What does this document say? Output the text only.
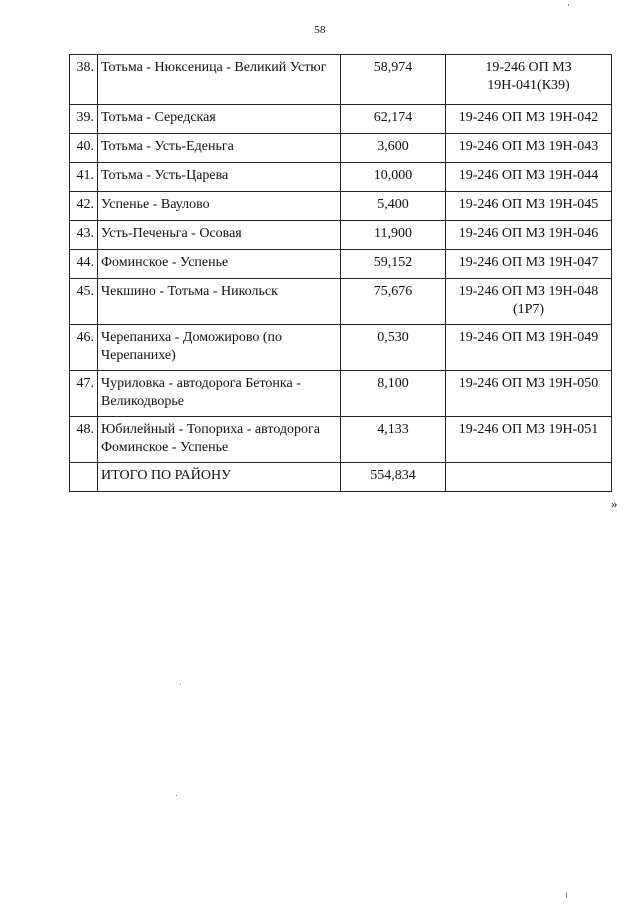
58
38.	Тотьма - Нюксеница - Великий Устюг	58,974	19-246 ОП МЗ 19Н-041(К39)
39.	Тотьма - Середская	62,174	19-246 ОП МЗ 19Н-042
40.	Тотьма - Усть-Еденьга	3,600	19-246 ОП МЗ 19Н-043
41.	Тотьма - Усть-Царева	10,000	19-246 ОП МЗ 19Н-044
42.	Успенье - Ваулово	5,400	19-246 ОП МЗ 19Н-045
43.	Усть-Печеньга - Осовая	11,900	19-246 ОП МЗ 19Н-046
44.	Фоминское - Успенье	59,152	19-246 ОП МЗ 19Н-047
45.	Чекшино - Тотьма - Никольск	75,676	19-246 ОП МЗ 19Н-048 (1Р7)
46.	Черепаниха - Доможирово (по Черепанихе)	0,530	19-246 ОП МЗ 19Н-049
47.	Чуриловка - автодорога Бетонка - Великодворье	8,100	19-246 ОП МЗ 19Н-050
48.	Юбилейный - Топориха - автодорога Фоминское - Успенье	4,133	19-246 ОП МЗ 19Н-051
	ИТОГО ПО РАЙОНУ	554,834	
»
